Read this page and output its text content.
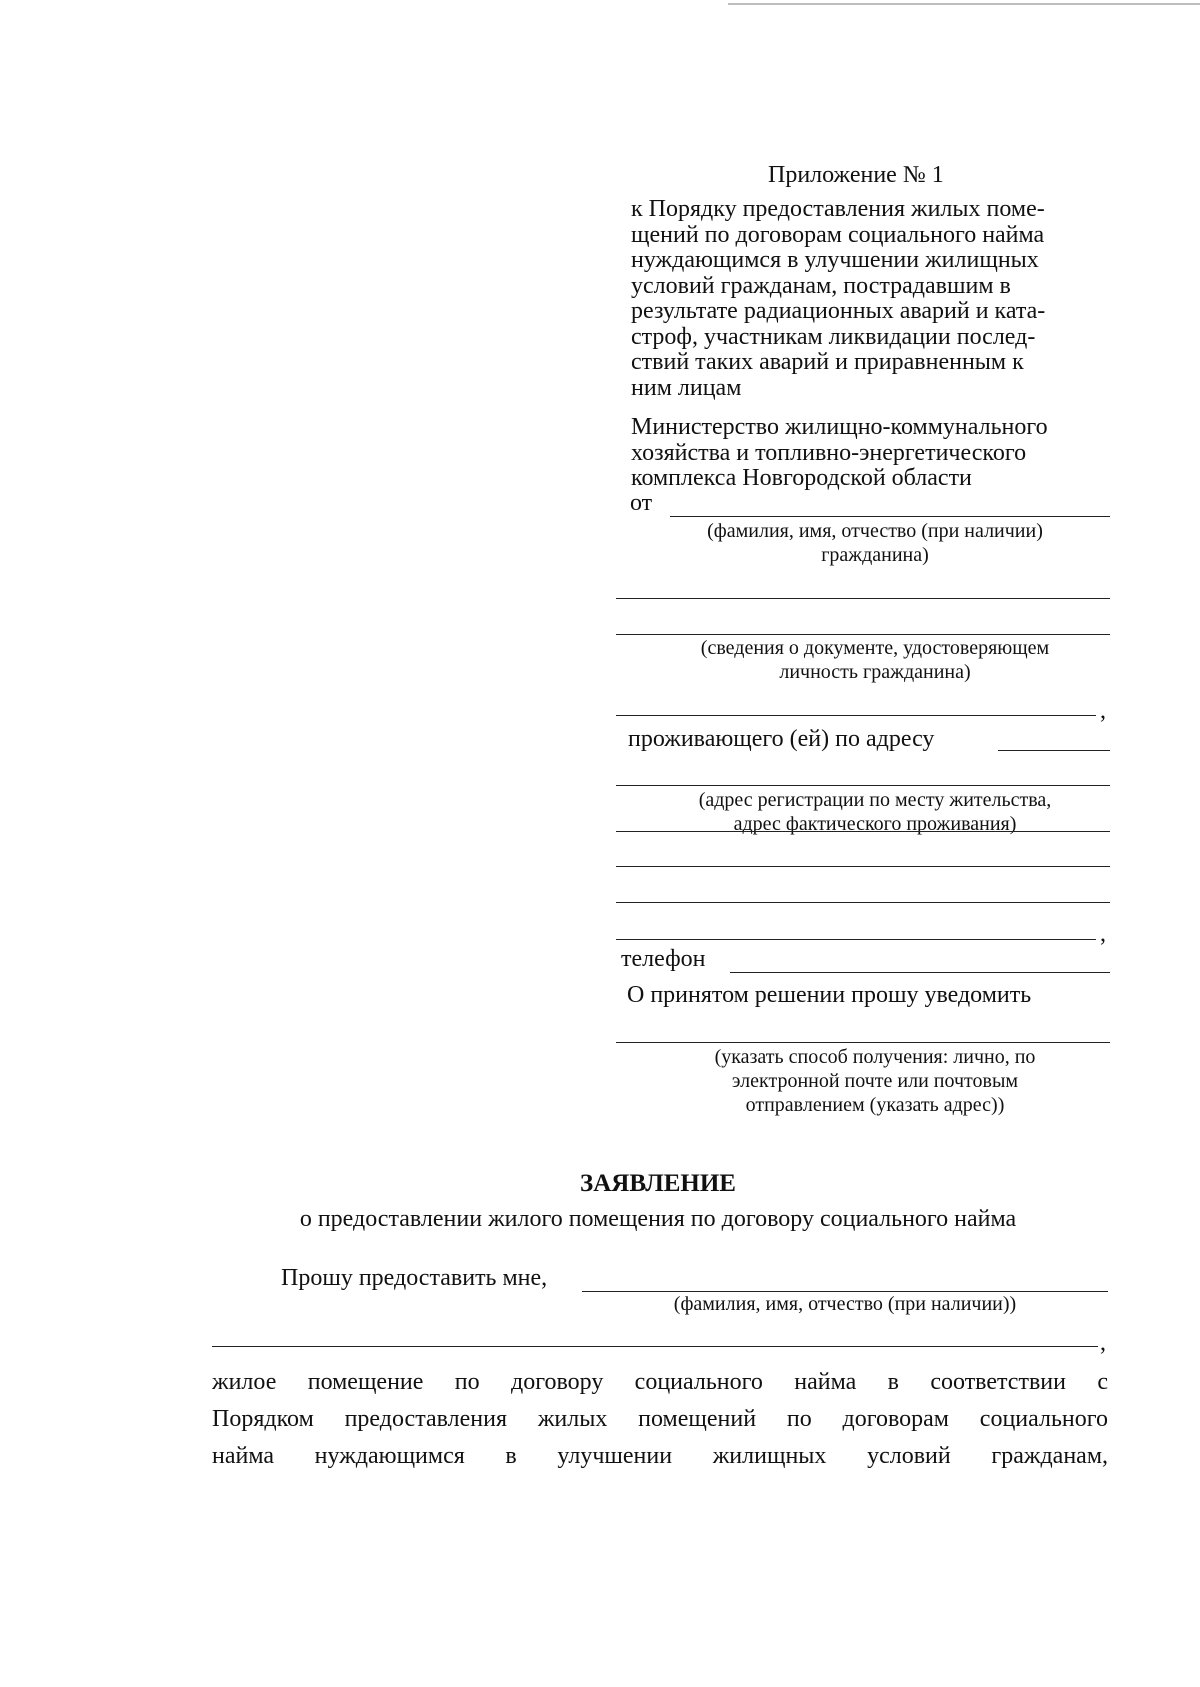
Приложение № 1
к Порядку предоставления жилых поме-
щений по договорам социального найма
нуждающимся в улучшении жилищных
условий гражданам, пострадавшим в
результате радиационных аварий и ката-
строф, участникам ликвидации послед-
ствий таких аварий и приравненным к
ним лицам
Министерство жилищно-коммунального
хозяйства и топливно-энергетического
комплекса Новгородской области
от
(фамилия, имя, отчество (при наличии)
гражданина)
(сведения о документе, удостоверяющем
личность гражданина)
,
проживающего (ей) по адресу
(адрес регистрации по месту жительства,
адрес фактического проживания)
,
телефон
О принятом решении прошу уведомить
(указать способ получения: лично, по
электронной почте или почтовым
отправлением (указать адрес))
ЗАЯВЛЕНИЕ
о предоставлении жилого помещения по договору социального найма
Прошу предоставить мне,
(фамилия, имя, отчество (при наличии))
,
жилое помещение по договору социального найма в соответствии с
Порядком предоставления жилых помещений по договорам социального
найма нуждающимся в улучшении жилищных условий гражданам,
